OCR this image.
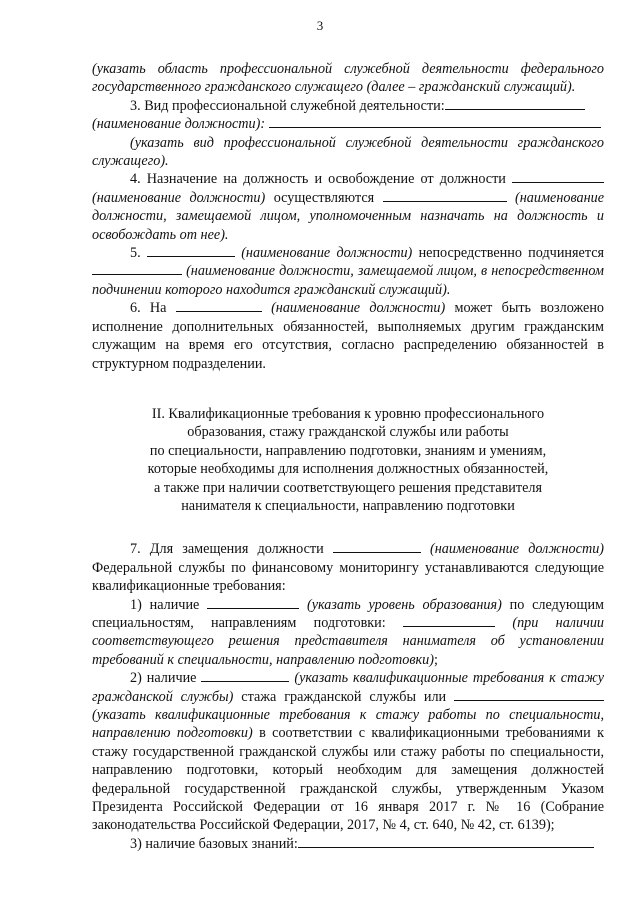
3

(указать область профессиональной служебной деятельности федерального государственного гражданского служащего (далее – гражданский служащий).

3. Вид профессиональной служебной деятельности:

(наименование должности):

(указать вид профессиональной служебной деятельности гражданского служащего).

4. Назначение на должность и освобождение от должности  (наименование должности) осуществляются	(наименование должности, замещаемой лицом, уполномоченным назначать на должность и освобождать от нее).

5.	(наименование должности) непосредственно подчиняется  (наименование должности, замещаемой лицом, в непосредственном подчинении которого находится гражданский служащий).

6. На	(наименование должности) может быть возложено исполнение дополнительных обязанностей, выполняемых другим гражданским служащим на время его отсутствия, согласно распределению обязанностей в структурном подразделении.

II. Квалификационные требования к уровню профессионального
образования, стажу гражданской службы или работы
по специальности, направлению подготовки, знаниям и умениям,
которые необходимы для исполнения должностных обязанностей,
а также при наличии соответствующего решения представителя
нанимателя к специальности, направлению подготовки

7. Для замещения должности	(наименование должности) Федеральной службы по финансовому мониторингу устанавливаются следующие квалификационные требования:

1) наличие	(указать уровень образования) по следующим специальностям, направлениям подготовки:	(при наличии соответствующего решения представителя нанимателя об установлении требований к специальности, направлению подготовки);

2) наличие	(указать квалификационные требования к стажу гражданской службы) стажа гражданской службы или  (указать квалификационные требования к стажу работы по специальности, направлению подготовки) в соответствии с квалификационными требованиями к стажу государственной гражданской службы или стажу работы по специальности, направлению подготовки, который необходим для замещения должностей федеральной государственной гражданской службы, утвержденным Указом Президента Российской Федерации от 16 января 2017 г. № 16 (Собрание законодательства Российской Федерации, 2017, № 4, ст. 640, № 42, ст. 6139);

3) наличие базовых знаний:
